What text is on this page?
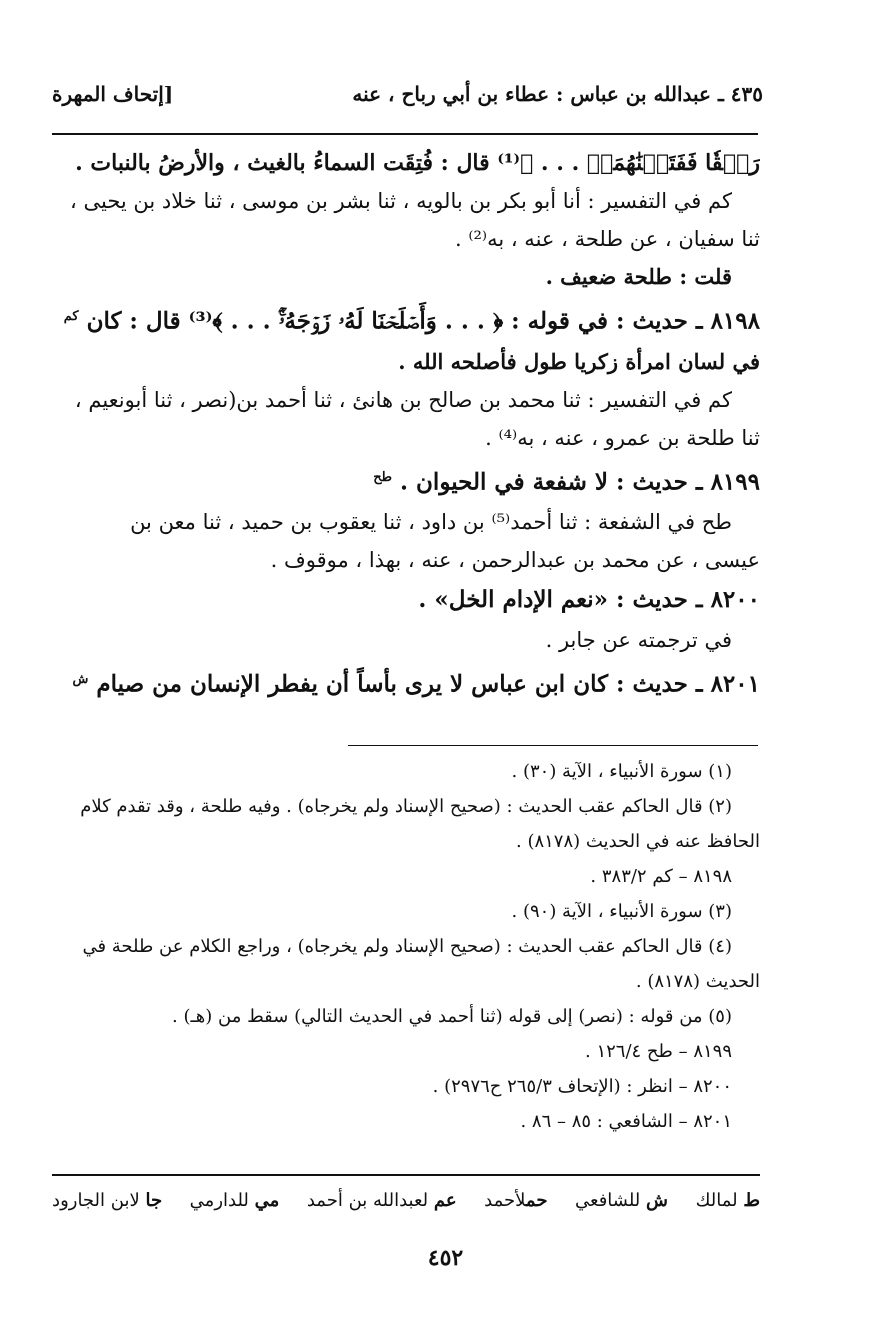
٤٣٥ ـ عبدالله بن عباس : عطاء بن أبي رباح ، عنه
[إتحاف المهرة

رَتۡقٗا فَفَتَقۡنَٰهُمَاۖ . . . ﴾⁽¹⁾ قال : فُتِقَت السماءُ بالغيث ، والأرضُ بالنبات .

كم في التفسير : أنا أبو بكر بن بالويه ، ثنا بشر بن موسى ، ثنا خلاد بن يحيى ،

ثنا سفيان ، عن طلحة ، عنه ، به⁽²⁾ .

قلت : طلحة ضعيف .

٨١٩٨ ـ حديث : في قوله : ﴿ . . . وَأَصۡلَحۡنَا لَهُۥ زَوۡجَهُۥٓۚ . . . ﴾⁽³⁾ قال : كان $^{كم}$

في لسان امرأة زكريا طول فأصلحه الله .

كم في التفسير : ثنا محمد بن صالح بن هانئ ، ثنا أحمد بن(نصر ، ثنا أبونعيم ،

ثنا طلحة بن عمرو ، عنه ، به⁽⁴⁾ .

٨١٩٩ ـ حديث : لا شفعة في الحيوان . $^{طح}$

طح في الشفعة : ثنا أحمد⁽⁵⁾ بن داود ، ثنا يعقوب بن حميد ، ثنا معن بن

عيسى ، عن محمد بن عبدالرحمن ، عنه ، بهذا ، موقوف .

٨٢٠٠ ـ حديث : «نعم الإدام الخل» .

في ترجمته عن جابر .

٨٢٠١ ـ حديث : كان ابن عباس لا يرى بأساً أن يفطر الإنسان من صيام $^ش$

(١) سورة الأنبياء ، الآية (٣٠) .

(٢) قال الحاكم عقب الحديث : (صحيح الإسناد ولم يخرجاه) . وفيه طلحة ، وقد تقدم كلام

الحافظ عنه في الحديث (٨١٧٨) .

٨١٩٨ – كم ٣٨٣/٢ .

(٣) سورة الأنبياء ، الآية (٩٠) .

(٤) قال الحاكم عقب الحديث : (صحيح الإسناد ولم يخرجاه) ، وراجع الكلام عن طلحة في

الحديث (٨١٧٨) .

(٥) من قوله : (نصر) إلى قوله (ثنا أحمد في الحديث التالي) سقط من (هـ) .

٨١٩٩ – طح ١٢٦/٤ .

٨٢٠٠ – انظر : (الإتحاف ٢٦٥/٣ ح٢٩٧٦) .

٨٢٠١ – الشافعي : ٨٥ – ٨٦ .

ط لمالك
ش للشافعي
حملأحمد
عم لعبدالله بن أحمد
مي للدارمي
جا لابن الجارود
٤٥٢
